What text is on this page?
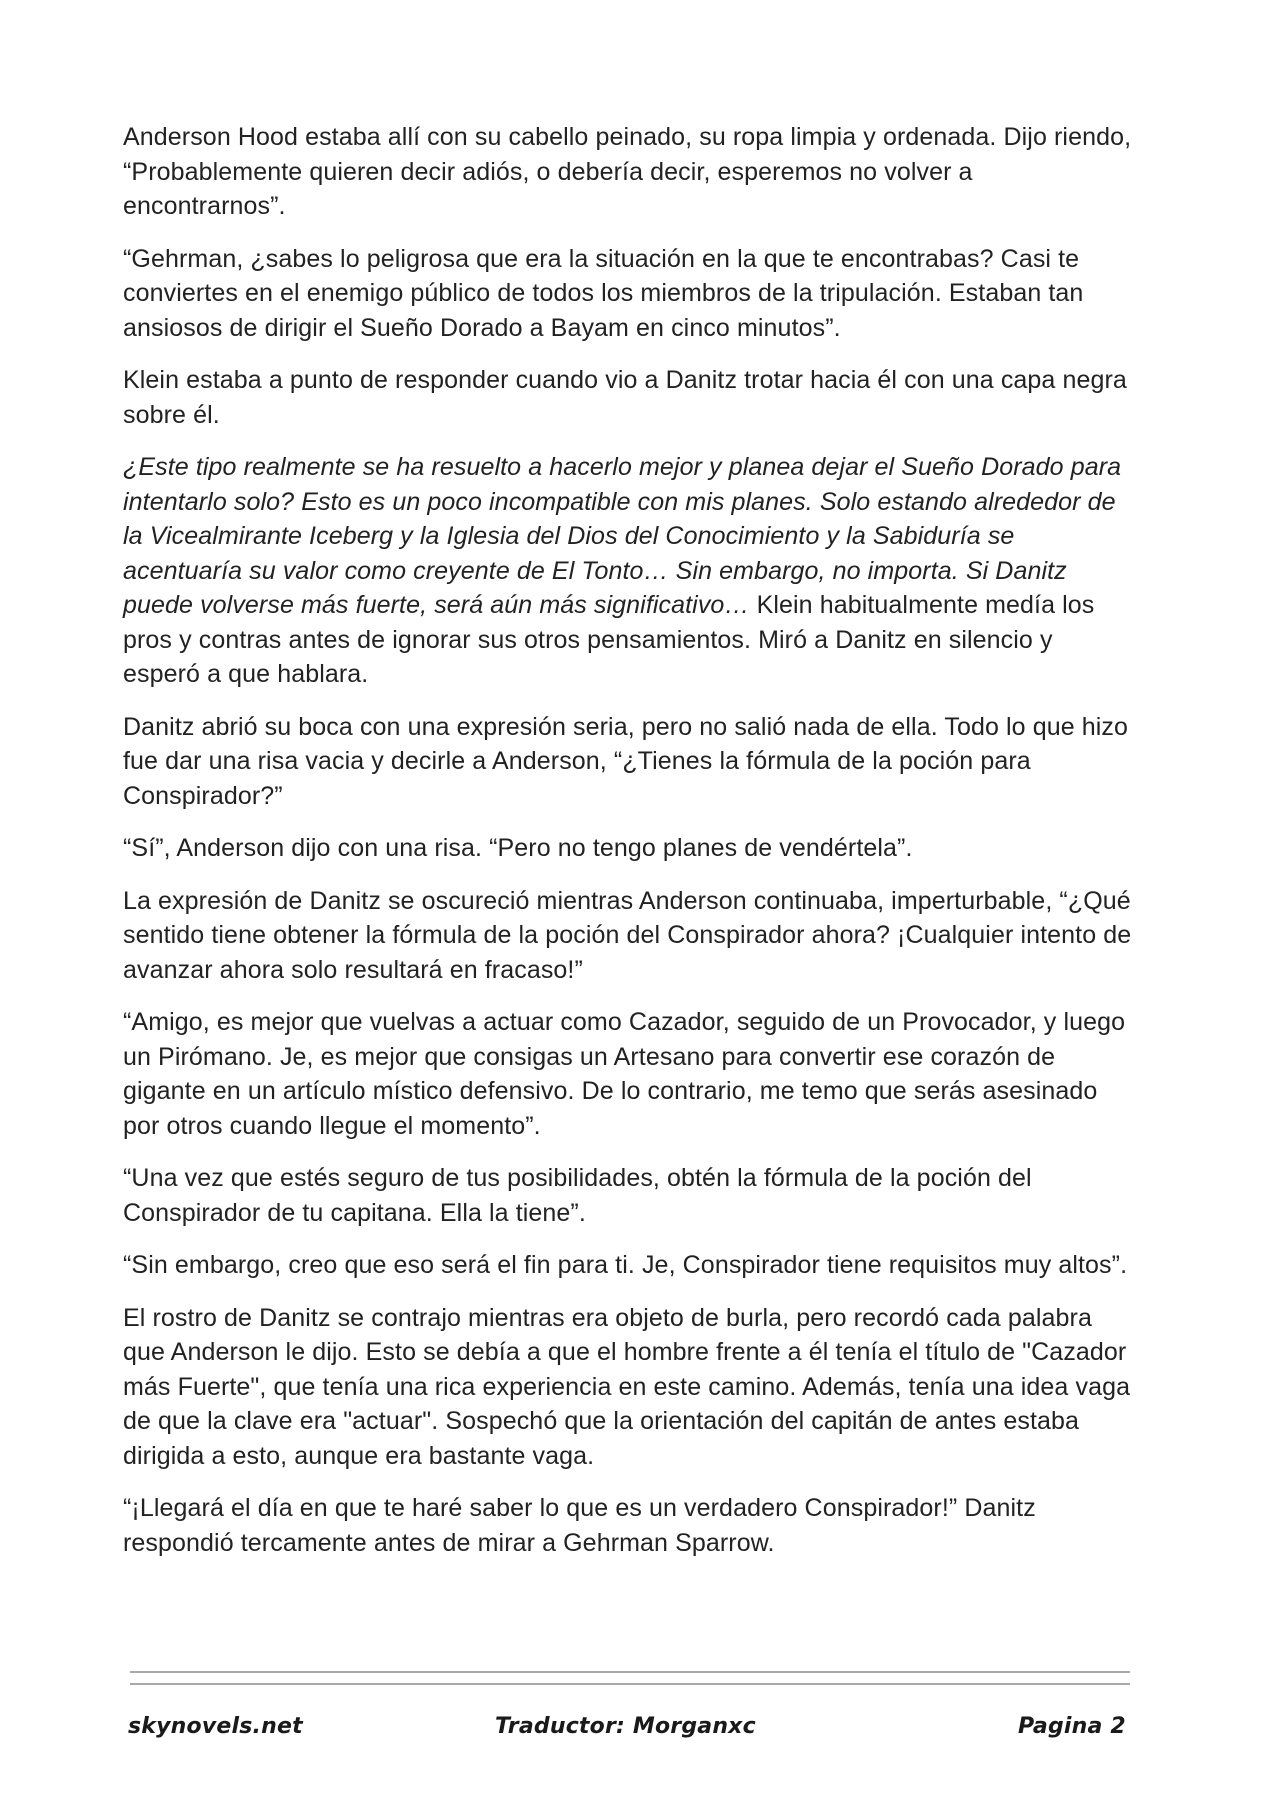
Anderson Hood estaba allí con su cabello peinado, su ropa limpia y ordenada. Dijo riendo, “Probablemente quieren decir adiós, o debería decir, esperemos no volver a encontrarnos”.

“Gehrman, ¿sabes lo peligrosa que era la situación en la que te encontrabas? Casi te conviertes en el enemigo público de todos los miembros de la tripulación. Estaban tan ansiosos de dirigir el Sueño Dorado a Bayam en cinco minutos”.

Klein estaba a punto de responder cuando vio a Danitz trotar hacia él con una capa negra sobre él.

¿Este tipo realmente se ha resuelto a hacerlo mejor y planea dejar el Sueño Dorado para intentarlo solo? Esto es un poco incompatible con mis planes. Solo estando alrededor de la Vicealmirante Iceberg y la Iglesia del Dios del Conocimiento y la Sabiduría se acentuaría su valor como creyente de El Tonto… Sin embargo, no importa. Si Danitz puede volverse más fuerte, será aún más significativo… Klein habitualmente medía los pros y contras antes de ignorar sus otros pensamientos. Miró a Danitz en silencio y esperó a que hablara.

Danitz abrió su boca con una expresión seria, pero no salió nada de ella. Todo lo que hizo fue dar una risa vacia y decirle a Anderson, “¿Tienes la fórmula de la poción para Conspirador?”

“Sí”, Anderson dijo con una risa. “Pero no tengo planes de vendértela”.

La expresión de Danitz se oscureció mientras Anderson continuaba, imperturbable, “¿Qué sentido tiene obtener la fórmula de la poción del Conspirador ahora? ¡Cualquier intento de avanzar ahora solo resultará en fracaso!”

“Amigo, es mejor que vuelvas a actuar como Cazador, seguido de un Provocador, y luego un Pirómano. Je, es mejor que consigas un Artesano para convertir ese corazón de gigante en un artículo místico defensivo. De lo contrario, me temo que serás asesinado por otros cuando llegue el momento”.

“Una vez que estés seguro de tus posibilidades, obtén la fórmula de la poción del Conspirador de tu capitana. Ella la tiene”.

“Sin embargo, creo que eso será el fin para ti. Je, Conspirador tiene requisitos muy altos”.

El rostro de Danitz se contrajo mientras era objeto de burla, pero recordó cada palabra que Anderson le dijo. Esto se debía a que el hombre frente a él tenía el título de "Cazador más Fuerte", que tenía una rica experiencia en este camino. Además, tenía una idea vaga de que la clave era "actuar". Sospechó que la orientación del capitán de antes estaba dirigida a esto, aunque era bastante vaga.

“¡Llegará el día en que te haré saber lo que es un verdadero Conspirador!” Danitz respondió tercamente antes de mirar a Gehrman Sparrow.

skynovels.net	Traductor: Morganxc	Pagina 2
